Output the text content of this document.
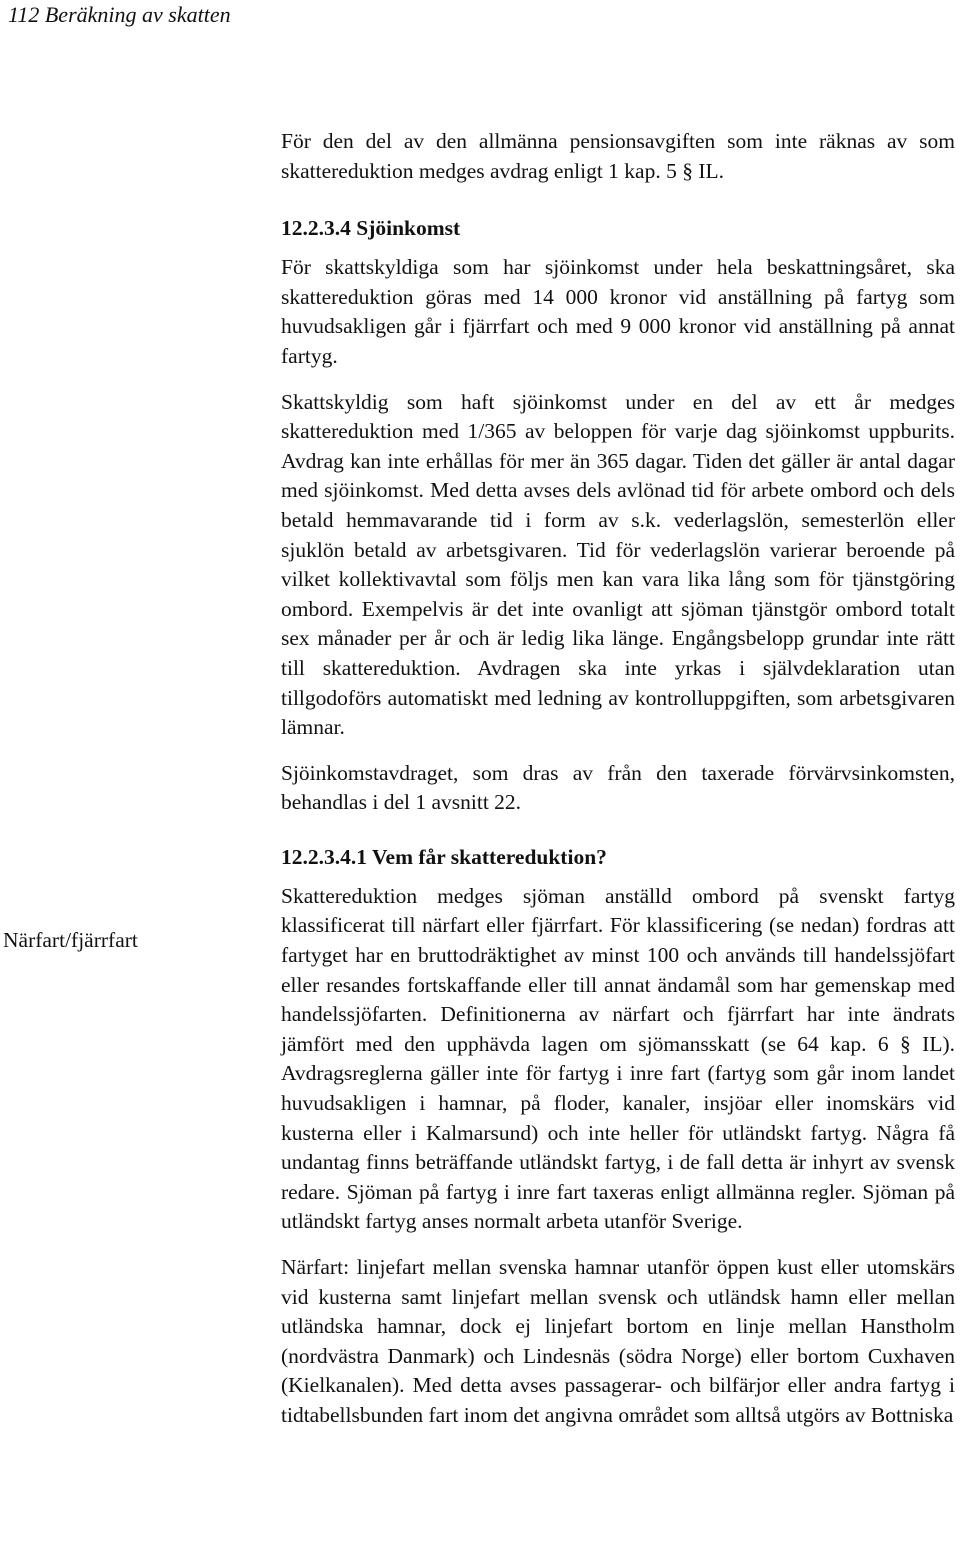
112 Beräkning av skatten
Närfart/fjärrfart

För den del av den allmänna pensionsavgiften som inte räknas av som skattereduktion medges avdrag enligt 1 kap. 5 § IL.

12.2.3.4 Sjöinkomst

För skattskyldiga som har sjöinkomst under hela beskattningsåret, ska skattereduktion göras med 14 000 kronor vid anställning på fartyg som huvudsakligen går i fjärrfart och med 9 000 kronor vid anställning på annat fartyg.

Skattskyldig som haft sjöinkomst under en del av ett år medges skattereduktion med 1/365 av beloppen för varje dag sjöinkomst uppburits. Avdrag kan inte erhållas för mer än 365 dagar. Tiden det gäller är antal dagar med sjöinkomst. Med detta avses dels avlönad tid för arbete ombord och dels betald hemmavarande tid i form av s.k. vederlagslön, semesterlön eller sjuklön betald av arbetsgivaren. Tid för vederlagslön varierar beroende på vilket kollektivavtal som följs men kan vara lika lång som för tjänstgöring ombord. Exempelvis är det inte ovanligt att sjöman tjänstgör ombord totalt sex månader per år och är ledig lika länge. Engångsbelopp grundar inte rätt till skattereduktion. Avdragen ska inte yrkas i självdeklaration utan tillgodoförs automatiskt med ledning av kontrolluppgiften, som arbetsgivaren lämnar.

Sjöinkomstavdraget, som dras av från den taxerade förvärvsinkomsten, behandlas i del 1 avsnitt 22.

12.2.3.4.1 Vem får skattereduktion?

Skattereduktion medges sjöman anställd ombord på svenskt fartyg klassificerat till närfart eller fjärrfart. För klassificering (se nedan) fordras att fartyget har en bruttodräktighet av minst 100 och används till handelssjöfart eller resandes fortskaffande eller till annat ändamål som har gemenskap med handelssjöfarten. Definitionerna av närfart och fjärrfart har inte ändrats jämfört med den upphävda lagen om sjömansskatt (se 64 kap. 6 § IL). Avdragsreglerna gäller inte för fartyg i inre fart (fartyg som går inom landet huvudsakligen i hamnar, på floder, kanaler, insjöar eller inomskärs vid kusterna eller i Kalmarsund) och inte heller för utländskt fartyg. Några få undantag finns beträffande utländskt fartyg, i de fall detta är inhyrt av svensk redare. Sjöman på fartyg i inre fart taxeras enligt allmänna regler. Sjöman på utländskt fartyg anses normalt arbeta utanför Sverige.

Närfart: linjefart mellan svenska hamnar utanför öppen kust eller utomskärs vid kusterna samt linjefart mellan svensk och utländsk hamn eller mellan utländska hamnar, dock ej linjefart bortom en linje mellan Hanstholm (nordvästra Danmark) och Lindesnäs (södra Norge) eller bortom Cuxhaven (Kielkanalen). Med detta avses passagerar- och bilfärjor eller andra fartyg i tidtabellsbunden fart inom det angivna området som alltså utgörs av Bottniska
